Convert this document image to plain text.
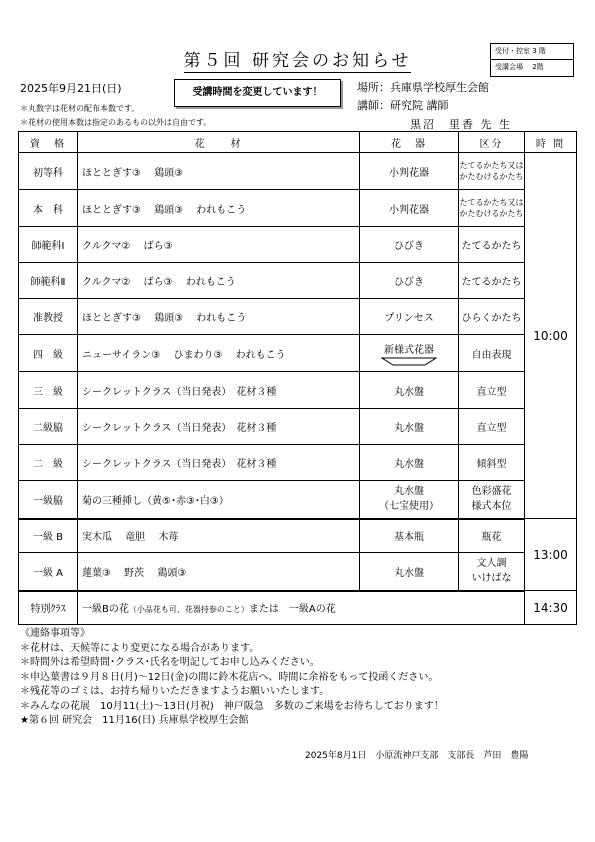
第５回 研究会のお知らせ	受付・控室 3 階
受講会場　 2階
2025年9月21日(日)	受講時間を変更しています！	場所：兵庫県学校厚生会館
講師：研究院 講師
黒沼　里香 先 生
＊丸数字は花材の配布本数です。
＊花材の使用本数は指定のあるもの以外は自由です。
資　格	花　　材	花　器	区分	時 間
初等科	ほととぎす③　 鶏頭③	小判花器	たてるかたち又は
かたむけるかたち	10:00
本　科	ほととぎす③　 鶏頭③　 われもこう	小判花器	たてるかたち又は
かたむけるかたち	
師範科Ⅰ	クルクマ②　 ばら③	ひびき	たてるかたち	
師範科Ⅱ	クルクマ②　 ばら③　 われもこう	ひびき	たてるかたち	
准教授	ほととぎす③　 鶏頭③　 われもこう	プリンセス	ひらくかたち	
四　級	ニューサイラン③　 ひまわり③　 われもこう	新様式花器	自由表現	
三　級	シークレットクラス（当日発表）　花材３種	丸水盤	直立型	
二級脇	シークレットクラス（当日発表）　花材３種	丸水盤	直立型	
二　級	シークレットクラス（当日発表）　花材３種	丸水盤	傾斜型	
一級脇	菊の三種挿し（黄⑤･赤③･白③）	丸水盤
（七宝使用）	色彩盛花
様式本位	
一級 B	実木瓜　 竜胆　 木苺	基本瓶	瓶花	13:00
一級 A	蓮葉③　 野茨　 鶏頭③	丸水盤	文人調
いけばな	
特別ｸﾗｽ	一級Bの花（小品花も可、花器持参のこと）または　一級Aの花			14:30
《連絡事項等》
＊花材は、天候等により変更になる場合があります。
＊時間外は希望時間･クラス･氏名を明記してお申し込みください。
＊申込葉書は９月８日(月)～12日(金)の間に鈴木花店へ、時間に余裕をもって投函ください。
＊残花等のゴミは、お持ち帰りいただきますようお願いいたします。
＊みんなの花展　10月11(土)～13日(月祝)　神戸阪急　多数のご来場をお待ちしております！
★第６回 研究会　11月16(日) 兵庫県学校厚生会館
2025年8月1日　小原流神戸支部　支部長　芦田　豊陽
